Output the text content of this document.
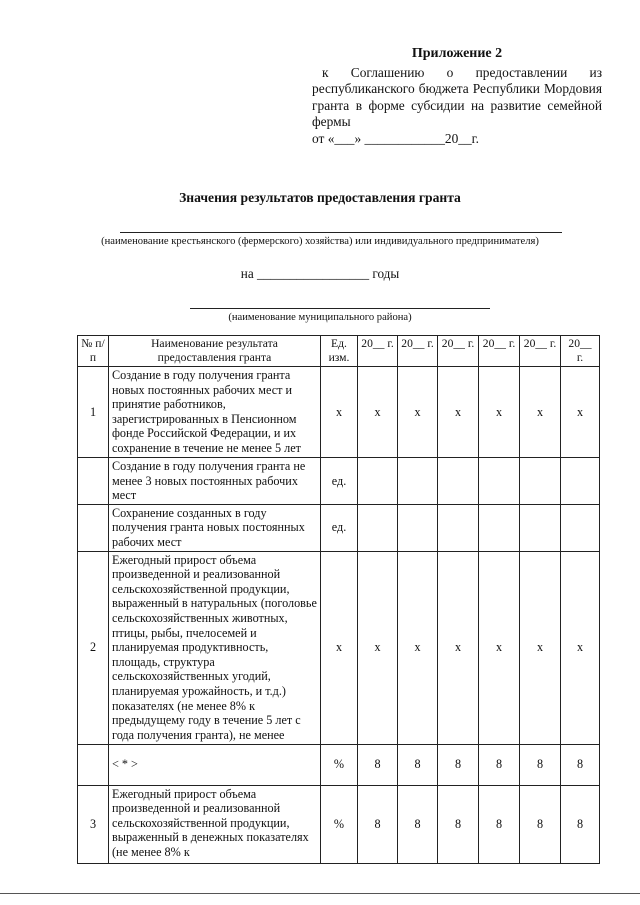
Приложение 2
к Соглашению о предоставлении из республиканского бюджета Республики Мордовия гранта в форме субсидии на развитие семейной фермы
от «___» ____________20__г.
Значения результатов предоставления гранта
(наименование крестьянского (фермерского) хозяйства) или индивидуального предпринимателя)
на _________________ годы
(наименование муниципального района)
№ п/п	Наименование результата предоставления гранта	Ед. изм.	20__ г.	20__ г.	20__ г.	20__ г.	20__ г.	20__ г.
1	Создание в году получения гранта новых постоянных рабочих мест и принятие работников, зарегистрированных в Пенсионном фонде Российской Федерации, и их сохранение в течение не менее 5 лет	х	х	х	х	х	х	х
	Создание в году получения гранта не менее 3 новых постоянных рабочих мест	ед.						
	Сохранение созданных в году получения гранта новых постоянных рабочих мест	ед.						
2	Ежегодный прирост объема произведенной и реализованной сельскохозяйственной продукции, выраженный в натуральных (поголовье сельскохозяйственных животных, птицы, рыбы, пчелосемей и планируемая продуктивность, площадь, структура сельскохозяйственных угодий, планируемая урожайность, и т.д.) показателях (не менее 8% к предыдущему году в течение 5 лет с года получения гранта), не менее	х	х	х	х	х	х	х
	< * >	%	8	8	8	8	8	8
3	Ежегодный прирост объема произведенной и реализованной сельскохозяйственной продукции, выраженный в денежных показателях (не менее 8% к	%	8	8	8	8	8	8
